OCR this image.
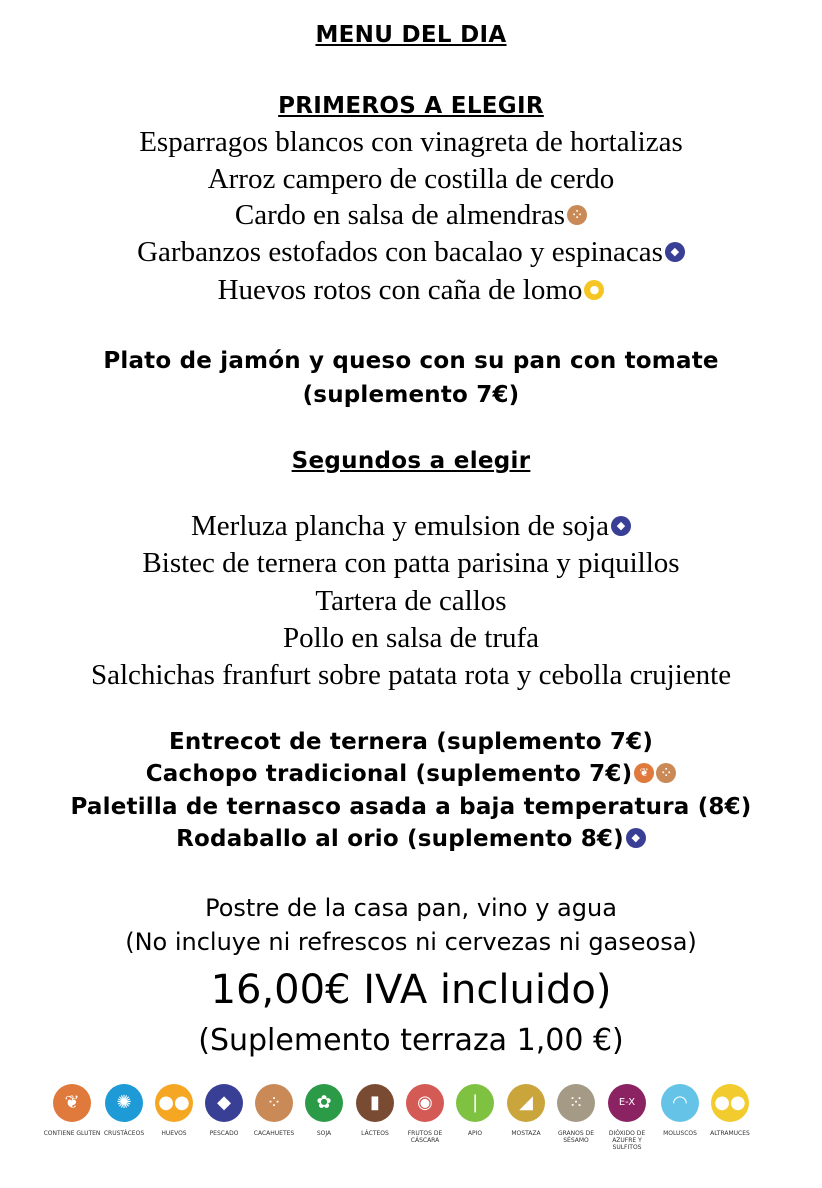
MENU DEL DIA
PRIMEROS A ELEGIR
Esparragos blancos con vinagreta de hortalizas
Arroz campero de costilla de cerdo
Cardo en salsa de almendras ⁘
Garbanzos estofados con bacalao y espinacas ◆
Huevos rotos con caña de lomo ●
Plato de jamón y queso con su pan con tomate
(suplemento 7€)
Segundos a elegir
Merluza plancha y emulsion de soja ◆
Bistec de ternera con patta parisina y piquillos
Tartera de callos
Pollo en salsa de trufa
Salchichas franfurt sobre patata rota y cebolla crujiente
Entrecot de ternera (suplemento 7€)
Cachopo tradicional (suplemento 7€) ❦ ⁘
Paletilla de ternasco asada a baja temperatura (8€)
Rodaballo al orio (suplemento 8€) ◆
Postre de la casa pan, vino y agua
(No incluye ni refrescos ni cervezas ni gaseosa)
16,00€ IVA incluido)
(Suplemento terraza 1,00 €)
❦
CONTIENE GLUTEN
✺
CRUSTÁCEOS
●●
HUEVOS
◆
PESCADO
⁘
CACAHUETES
✿
SOJA
▮
LÁCTEOS
◉
FRUTOS DE CÁSCARA
❘
APIO
◢
MOSTAZA
⁙
GRANOS DE SÉSAMO
E-X
DIÓXIDO DE AZUFRE Y SULFITOS
◠
MOLUSCOS
●●
ALTRAMUCES
